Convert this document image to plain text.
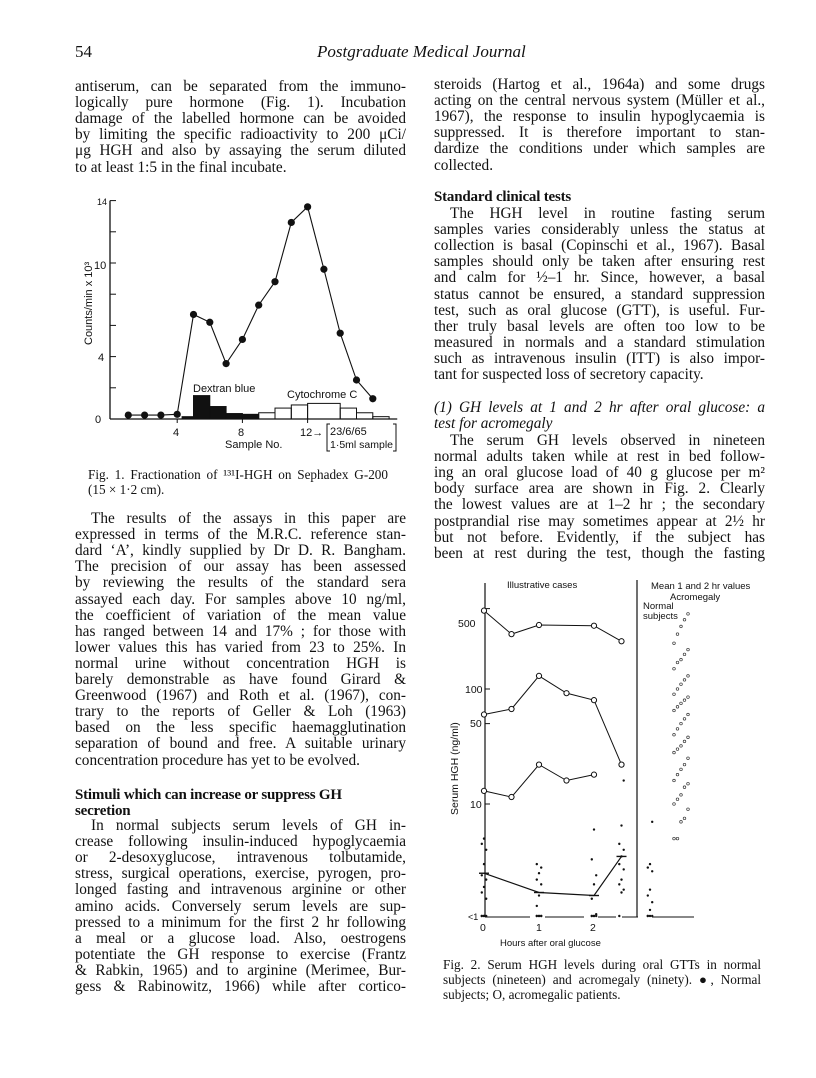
54	Postgraduate Medical Journal
antiserum, can be separated from the immuno-
logically pure hormone (Fig. 1). Incubation
damage of the labelled hormone can be avoided
by limiting the specific radioactivity to 200 μCi/
μg HGH and also by assaying the serum diluted
to at least 1:5 in the final incubate.
Fig. 1. Fractionation of ¹³¹I-HGH on Sephadex G-200
(15 × 1·2 cm).
The results of the assays in this paper are
expressed in terms of the M.R.C. reference stan-
dard ‘A’, kindly supplied by Dr D. R. Bangham.
The precision of our assay has been assessed
by reviewing the results of the standard sera
assayed each day. For samples above 10 ng/ml,
the coefficient of variation of the mean value
has ranged between 14 and 17% ; for those with
lower values this has varied from 23 to 25%. In
normal urine without concentration HGH is
barely demonstrable as have found Girard &
Greenwood (1967) and Roth et al. (1967), con-
trary to the reports of Geller & Loh (1963)
based on the less specific haemagglutination
separation of bound and free. A suitable urinary
concentration procedure has yet to be evolved.
Stimuli which can increase or suppress GH
secretion
In normal subjects serum levels of GH in-
crease following insulin-induced hypoglycaemia
or 2-desoxyglucose, intravenous tolbutamide,
stress, surgical operations, exercise, pyrogen, pro-
longed fasting and intravenous arginine or other
amino acids. Conversely serum levels are sup-
pressed to a minimum for the first 2 hr following
a meal or a glucose load. Also, oestrogens
potentiate the GH response to exercise (Frantz
& Rabkin, 1965) and to arginine (Merimee, Bur-
gess & Rabinowitz, 1966) while after cortico-
steroids (Hartog et al., 1964a) and some drugs
acting on the central nervous system (Müller et al.,
1967), the response to insulin hypoglycaemia is
suppressed. It is therefore important to stan-
dardize the conditions under which samples are
collected.
Standard clinical tests
The HGH level in routine fasting serum
samples varies considerably unless the status at
collection is basal (Copinschi et al., 1967). Basal
samples should only be taken after ensuring rest
and calm for ½–1 hr. Since, however, a basal
status cannot be ensured, a standard suppression
test, such as oral glucose (GTT), is useful. Fur-
ther truly basal levels are often too low to be
measured in normals and a standard stimulation
such as intravenous insulin (ITT) is also impor-
tant for suspected loss of secretory capacity.
(1) GH levels at 1 and 2 hr after oral glucose: a
test for acromegaly
The serum GH levels observed in nineteen
normal adults taken while at rest in bed follow-
ing an oral glucose load of 40 g glucose per m²
body surface area are shown in Fig. 2. Clearly
the lowest values are at 1–2 hr ; the secondary
postprandial rise may sometimes appear at 2½ hr
but not before. Evidently, if the subject has
been at rest during the test, though the fasting
Fig. 2. Serum HGH levels during oral GTTs in normal
subjects (nineteen) and acromegaly (ninety). ●, Normal
subjects; O, acromegalic patients.
14
10
4
0
4	8	12→ 23/6/65
1·5ml sample
Sample No.
Counts/min x 10³
Dextran blue	Cytochrome C
Illustrative cases	Mean 1 and 2 hr values
Acromegaly
Normal
subjects
500
100
50
10
<1
0	1	2
Hours after oral glucose
Serum HGH (ng/ml)
